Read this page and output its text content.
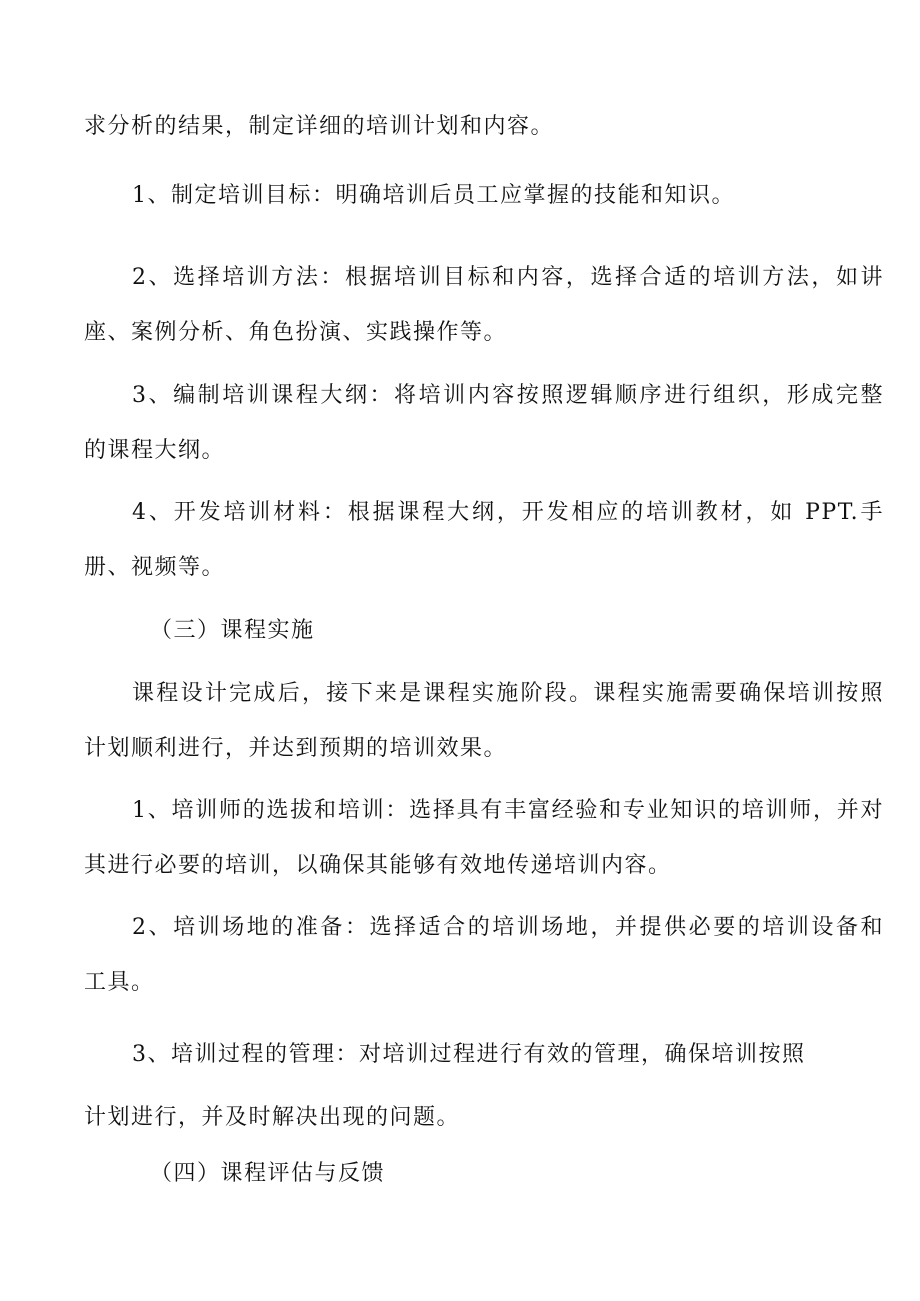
求分析的结果，制定详细的培训计划和内容。
1、制定培训目标：明确培训后员工应掌握的技能和知识。
2、选择培训方法：根据培训目标和内容，选择合适的培训方法，如讲
座、案例分析、角色扮演、实践操作等。
3、编制培训课程大纲：将培训内容按照逻辑顺序进行组织，形成完整
的课程大纲。
4、开发培训材料：根据课程大纲，开发相应的培训教材，如 PPT.手
册、视频等。
（三）课程实施
课程设计完成后，接下来是课程实施阶段。课程实施需要确保培训按照
计划顺利进行，并达到预期的培训效果。
1、培训师的选拔和培训：选择具有丰富经验和专业知识的培训师，并对
其进行必要的培训，以确保其能够有效地传递培训内容。
2、培训场地的准备：选择适合的培训场地，并提供必要的培训设备和
工具。
3、培训过程的管理：对培训过程进行有效的管理，确保培训按照
计划进行，并及时解决出现的问题。
（四）课程评估与反馈
